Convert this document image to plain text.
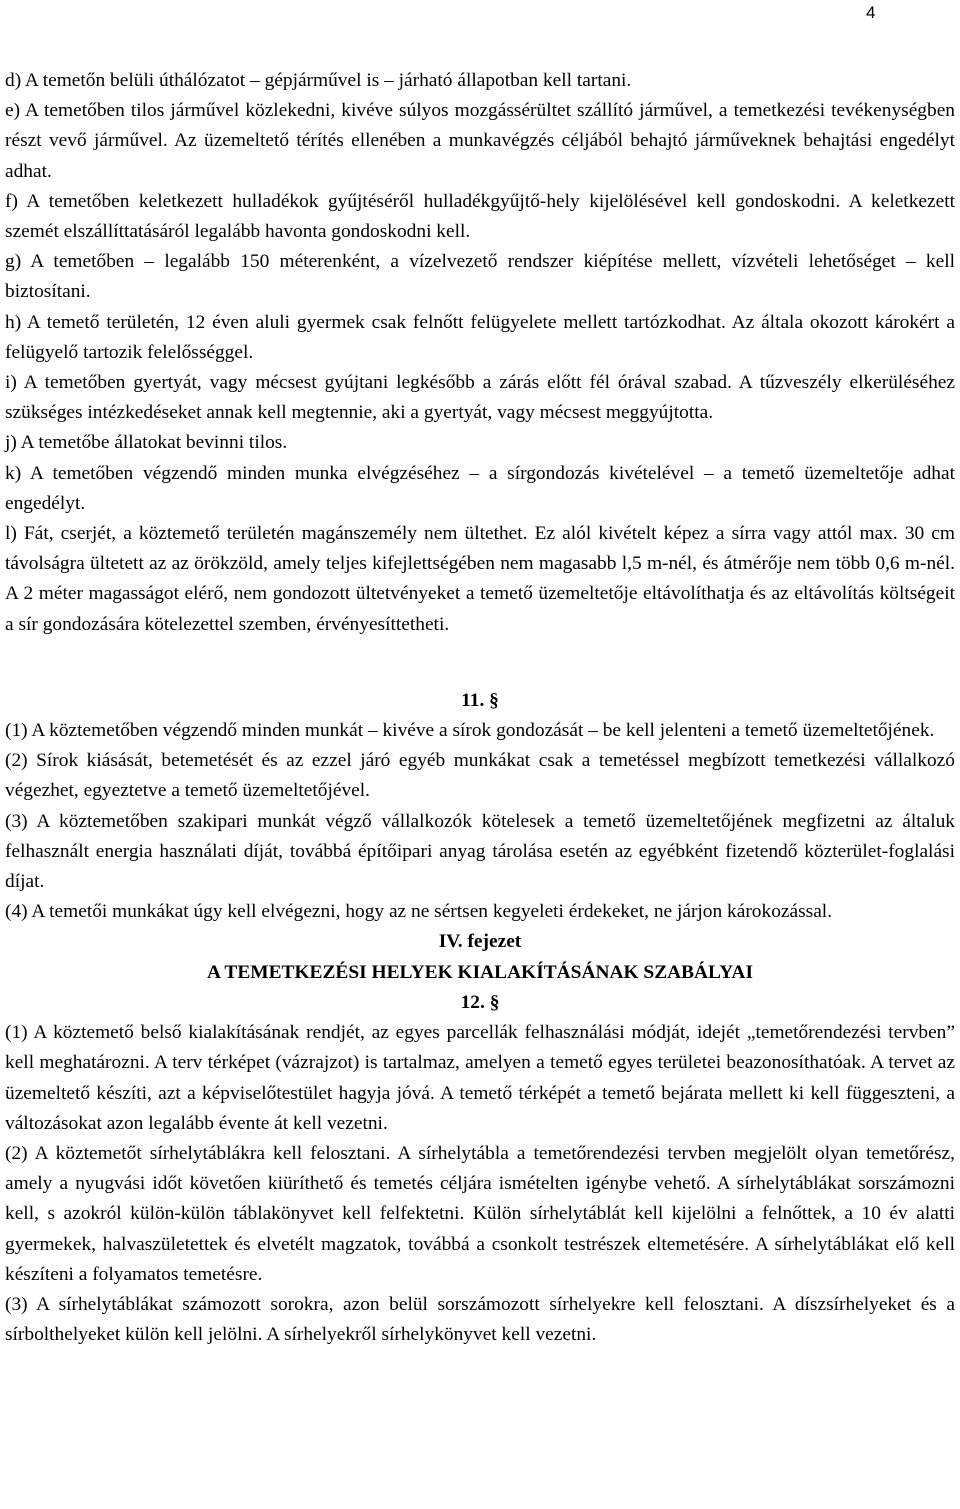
4

d) A temetőn belüli úthálózatot – gépjárművel is – járható állapotban kell tartani.

e) A temetőben tilos járművel közlekedni, kivéve súlyos mozgássérültet szállító járművel, a temetkezési tevékenységben részt vevő járművel. Az üzemeltető térítés ellenében a munkavégzés céljából behajtó járműveknek behajtási engedélyt adhat.

f) A temetőben keletkezett hulladékok gyűjtéséről hulladékgyűjtő-hely kijelölésével kell gondoskodni. A keletkezett szemét elszállíttatásáról legalább havonta gondoskodni kell.

g) A temetőben – legalább 150 méterenként, a vízelvezető rendszer kiépítése mellett, vízvételi lehetőséget – kell biztosítani.

h) A temető területén, 12 éven aluli gyermek csak felnőtt felügyelete mellett tartózkodhat. Az általa okozott károkért a felügyelő tartozik felelősséggel.

i) A temetőben gyertyát, vagy mécsest gyújtani legkésőbb a zárás előtt fél órával szabad. A tűzveszély elkerüléséhez szükséges intézkedéseket annak kell megtennie, aki a gyertyát, vagy mécsest meggyújtotta.

j) A temetőbe állatokat bevinni tilos.

k) A temetőben végzendő minden munka elvégzéséhez – a sírgondozás kivételével – a temető üzemeltetője adhat engedélyt.

l) Fát, cserjét, a köztemető területén magánszemély nem ültethet. Ez alól kivételt képez a sírra vagy attól max. 30 cm távolságra ültetett az az örökzöld, amely teljes kifejlettségében nem magasabb l,5 m-nél, és átmérője nem több 0,6 m-nél. A 2 méter magasságot elérő, nem gondozott ültetvényeket a temető üzemeltetője eltávolíthatja és az eltávolítás költségeit a sír gondozására kötelezettel szemben, érvényesíttetheti.

11. §

(1) A köztemetőben végzendő minden munkát – kivéve a sírok gondozását – be kell jelenteni a temető üzemeltetőjének.

(2) Sírok kiásását, betemetését és az ezzel járó egyéb munkákat csak a temetéssel megbízott temetkezési vállalkozó végezhet, egyeztetve a temető üzemeltetőjével.

(3) A köztemetőben szakipari munkát végző vállalkozók kötelesek a temető üzemeltetőjének megfizetni az általuk felhasznált energia használati díját, továbbá építőipari anyag tárolása esetén az egyébként fizetendő közterület-foglalási díjat.

(4) A temetői munkákat úgy kell elvégezni, hogy az ne sértsen kegyeleti érdekeket, ne járjon károkozással.

IV. fejezet

A TEMETKEZÉSI HELYEK KIALAKÍTÁSÁNAK SZABÁLYAI

12. §

(1) A köztemető belső kialakításának rendjét, az egyes parcellák felhasználási módját, idejét „temetőrendezési tervben” kell meghatározni. A terv térképet (vázrajzot) is tartalmaz, amelyen a temető egyes területei beazonosíthatóak. A tervet az üzemeltető készíti, azt a képviselőtestület hagyja jóvá. A temető térképét a temető bejárata mellett ki kell függeszteni, a változásokat azon legalább évente át kell vezetni.

(2) A köztemetőt sírhelytáblákra kell felosztani. A sírhelytábla a temetőrendezési tervben megjelölt olyan temetőrész, amely a nyugvási időt követően kiüríthető és temetés céljára ismételten igénybe vehető. A sírhelytáblákat sorszámozni kell, s azokról külön-külön táblakönyvet kell felfektetni. Külön sírhelytáblát kell kijelölni a felnőttek, a 10 év alatti gyermekek, halvaszületettek és elvetélt magzatok, továbbá a csonkolt testrészek eltemetésére. A sírhelytáblákat elő kell készíteni a folyamatos temetésre.

(3) A sírhelytáblákat számozott sorokra, azon belül sorszámozott sírhelyekre kell felosztani. A díszsírhelyeket és a sírbolthelyeket külön kell jelölni. A sírhelyekről sírhelykönyvet kell vezetni.
